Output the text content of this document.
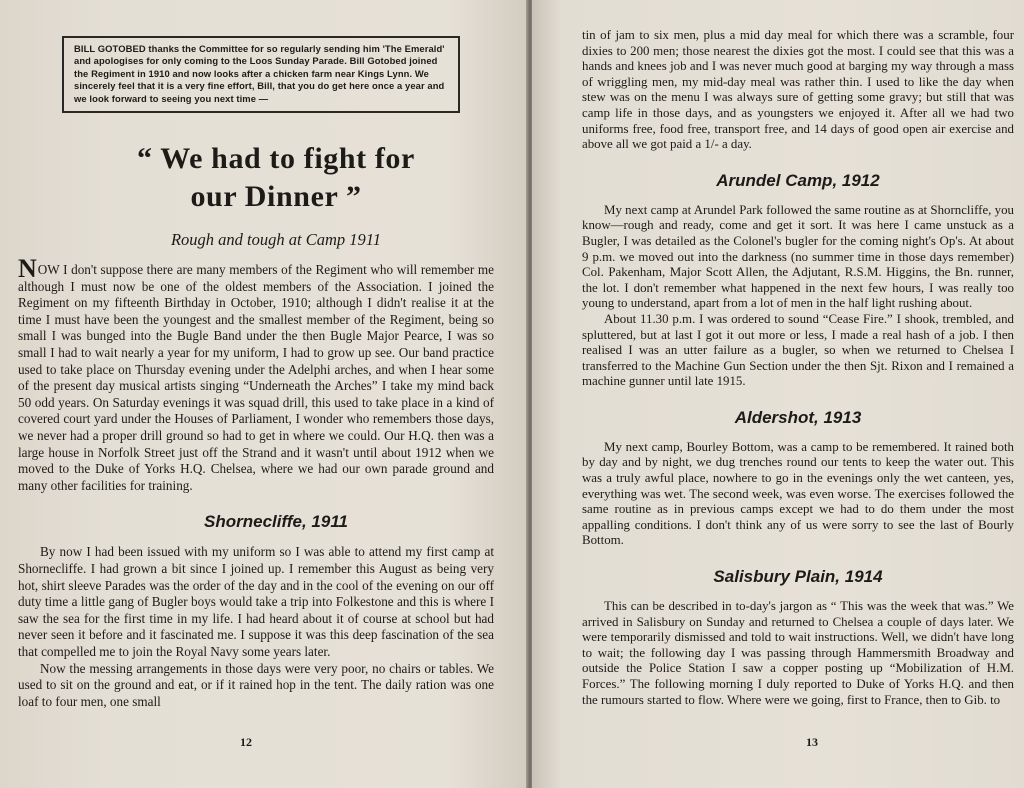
BILL GOTOBED thanks the Committee for so regularly sending him 'The Emerald' and apologises for only coming to the Loos Sunday Parade. Bill Gotobed joined the Regiment in 1910 and now looks after a chicken farm near Kings Lynn. We sincerely feel that it is a very fine effort, Bill, that you do get here once a year and we look forward to seeing you next time —
“ We had to fight for
our Dinner ”
Rough and tough at Camp 1911

NOW I don't suppose there are many members of the Regiment who will remember me although I must now be one of the oldest members of the Association. I joined the Regiment on my fifteenth Birthday in October, 1910; although I didn't realise it at the time I must have been the youngest and the smallest member of the Regiment, being so small I was bunged into the Bugle Band under the then Bugle Major Pearce, I was so small I had to wait nearly a year for my uniform, I had to grow up see. Our band practice used to take place on Thursday evening under the Adelphi arches, and when I hear some of the present day musical artists singing “Underneath the Arches” I take my mind back 50 odd years. On Saturday evenings it was squad drill, this used to take place in a kind of covered court yard under the Houses of Parliament, I wonder who remembers those days, we never had a proper drill ground so had to get in where we could. Our H.Q. then was a large house in Norfolk Street just off the Strand and it wasn't until about 1912 when we moved to the Duke of Yorks H.Q. Chelsea, where we had our own parade ground and many other facilities for training.

Shornecliffe, 1911

By now I had been issued with my uniform so I was able to attend my first camp at Shornecliffe. I had grown a bit since I joined up. I remember this August as being very hot, shirt sleeve Parades was the order of the day and in the cool of the evening on our off duty time a little gang of Bugler boys would take a trip into Folkestone and this is where I saw the sea for the first time in my life. I had heard about it of course at school but had never seen it before and it fascinated me. I suppose it was this deep fascination of the sea that compelled me to join the Royal Navy some years later.

Now the messing arrangements in those days were very poor, no chairs or tables. We used to sit on the ground and eat, or if it rained hop in the tent. The daily ration was one loaf to four men, one small

12

tin of jam to six men, plus a mid day meal for which there was a scramble, four dixies to 200 men; those nearest the dixies got the most. I could see that this was a hands and knees job and I was never much good at barging my way through a mass of wriggling men, my mid-day meal was rather thin. I used to like the day when stew was on the menu I was always sure of getting some gravy; but still that was camp life in those days, and as youngsters we enjoyed it. After all we had two uniforms free, food free, transport free, and 14 days of good open air exercise and above all we got paid a 1/- a day.

Arundel Camp, 1912

My next camp at Arundel Park followed the same routine as at Shorncliffe, you know—rough and ready, come and get it sort. It was here I came unstuck as a Bugler, I was detailed as the Colonel's bugler for the coming night's Op's. At about 9 p.m. we moved out into the darkness (no summer time in those days remember) Col. Pakenham, Major Scott Allen, the Adjutant, R.S.M. Higgins, the Bn. runner, the lot. I don't remember what happened in the next few hours, I was really too young to understand, apart from a lot of men in the half light rushing about.

About 11.30 p.m. I was ordered to sound “Cease Fire.” I shook, trembled, and spluttered, but at last I got it out more or less, I made a real hash of a job. I then realised I was an utter failure as a bugler, so when we returned to Chelsea I transferred to the Machine Gun Section under the then Sjt. Rixon and I remained a machine gunner until late 1915.

Aldershot, 1913

My next camp, Bourley Bottom, was a camp to be remembered. It rained both by day and by night, we dug trenches round our tents to keep the water out. This was a truly awful place, nowhere to go in the evenings only the wet canteen, yes, everything was wet. The second week, was even worse. The exercises followed the same routine as in previous camps except we had to do them under the most appalling conditions. I don't think any of us were sorry to see the last of Bourly Bottom.

Salisbury Plain, 1914

This can be described in to-day's jargon as “ This was the week that was.” We arrived in Salisbury on Sunday and returned to Chelsea a couple of days later. We were temporarily dismissed and told to wait instructions. Well, we didn't have long to wait; the following day I was passing through Hammersmith Broadway and outside the Police Station I saw a copper posting up “Mobilization of H.M. Forces.” The following morning I duly reported to Duke of Yorks H.Q. and then the rumours started to flow. Where were we going, first to France, then to Gib. to

13
